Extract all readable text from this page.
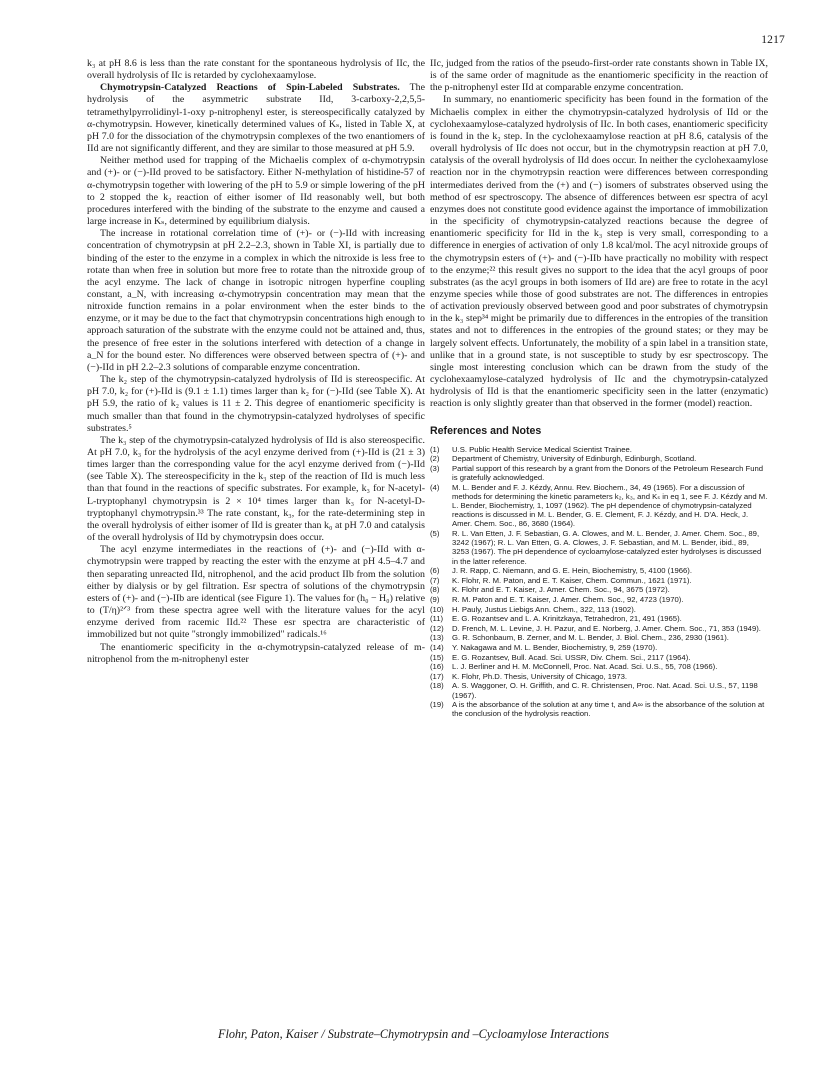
1217

k₃ at pH 8.6 is less than the rate constant for the spontaneous hydrolysis of IIc, the overall hydrolysis of IIc is retarded by cyclohexaamylose.

Chymotrypsin-Catalyzed Reactions of Spin-Labeled Substrates. The hydrolysis of the asymmetric substrate IId, 3-carboxy-2,2,5,5-tetramethylpyrrolidinyl-1-oxy p-nitrophenyl ester, is stereospecifically catalyzed by α-chymotrypsin. However, kinetically determined values of Kₛ, listed in Table X, at pH 7.0 for the dissociation of the chymotrypsin complexes of the two enantiomers of IId are not significantly different, and they are similar to those measured at pH 5.9.

Neither method used for trapping of the Michaelis complex of α-chymotrypsin and (+)- or (−)-IId proved to be satisfactory. Either N-methylation of histidine-57 of α-chymotrypsin together with lowering of the pH to 5.9 or simple lowering of the pH to 2 stopped the k₂ reaction of either isomer of IId reasonably well, but both procedures interfered with the binding of the substrate to the enzyme and caused a large increase in Kₛ, determined by equilibrium dialysis.

The increase in rotational correlation time of (+)- or (−)-IId with increasing concentration of chymotrypsin at pH 2.2–2.3, shown in Table XI, is partially due to binding of the ester to the enzyme in a complex in which the nitroxide is less free to rotate than when free in solution but more free to rotate than the nitroxide group of the acyl enzyme. The lack of change in isotropic nitrogen hyperfine coupling constant, a_N, with increasing α-chymotrypsin concentration may mean that the nitroxide function remains in a polar environment when the ester binds to the enzyme, or it may be due to the fact that chymotrypsin concentrations high enough to approach saturation of the substrate with the enzyme could not be attained and, thus, the presence of free ester in the solutions interfered with detection of a change in a_N for the bound ester. No differences were observed between spectra of (+)- and (−)-IId in pH 2.2–2.3 solutions of comparable enzyme concentration.

The k₂ step of the chymotrypsin-catalyzed hydrolysis of IId is stereospecific. At pH 7.0, k₂ for (+)-IId is (9.1 ± 1.1) times larger than k₂ for (−)-IId (see Table X). At pH 5.9, the ratio of k₂ values is 11 ± 2. This degree of enantiomeric specificity is much smaller than that found in the chymotrypsin-catalyzed hydrolyses of specific substrates.⁵

The k₃ step of the chymotrypsin-catalyzed hydrolysis of IId is also stereospecific. At pH 7.0, k₃ for the hydrolysis of the acyl enzyme derived from (+)-IId is (21 ± 3) times larger than the corresponding value for the acyl enzyme derived from (−)-IId (see Table X). The stereospecificity in the k₃ step of the reaction of IId is much less than that found in the reactions of specific substrates. For example, k₃ for N-acetyl-L-tryptophanyl chymotrypsin is 2 × 10⁴ times larger than k₃ for N-acetyl-D-tryptophanyl chymotrypsin.³³ The rate constant, k₃, for the rate-determining step in the overall hydrolysis of either isomer of IId is greater than k₀ at pH 7.0 and catalysis of the overall hydrolysis of IId by chymotrypsin does occur.

The acyl enzyme intermediates in the reactions of (+)- and (−)-IId with α-chymotrypsin were trapped by reacting the ester with the enzyme at pH 4.5–4.7 and then separating unreacted IId, nitrophenol, and the acid product IIb from the solution either by dialysis or by gel filtration. Esr spectra of solutions of the chymotrypsin esters of (+)- and (−)-IIb are identical (see Figure 1). The values for (h₀ − H₀) relative to (T/η)²ᐟ³ from these spectra agree well with the literature values for the acyl enzyme derived from racemic IId.²² These esr spectra are characteristic of immobilized but not quite "strongly immobilized" radicals.¹⁶

The enantiomeric specificity in the α-chymotrypsin-catalyzed release of m-nitrophenol from the m-nitrophenyl ester

IIc, judged from the ratios of the pseudo-first-order rate constants shown in Table IX, is of the same order of magnitude as the enantiomeric specificity in the reaction of the p-nitrophenyl ester IId at comparable enzyme concentration.

In summary, no enantiomeric specificity has been found in the formation of the Michaelis complex in either the chymotrypsin-catalyzed hydrolysis of IId or the cyclohexaamylose-catalyzed hydrolysis of IIc. In both cases, enantiomeric specificity is found in the k₂ step. In the cyclohexaamylose reaction at pH 8.6, catalysis of the overall hydrolysis of IIc does not occur, but in the chymotrypsin reaction at pH 7.0, catalysis of the overall hydrolysis of IId does occur. In neither the cyclohexaamylose reaction nor in the chymotrypsin reaction were differences between corresponding intermediates derived from the (+) and (−) isomers of substrates observed using the method of esr spectroscopy. The absence of differences between esr spectra of acyl enzymes does not constitute good evidence against the importance of immobilization in the specificity of chymotrypsin-catalyzed reactions because the degree of enantiomeric specificity for IId in the k₃ step is very small, corresponding to a difference in energies of activation of only 1.8 kcal/mol. The acyl nitroxide groups of the chymotrypsin esters of (+)- and (−)-IIb have practically no mobility with respect to the enzyme;²² this result gives no support to the idea that the acyl groups of poor substrates (as the acyl groups in both isomers of IId are) are free to rotate in the acyl enzyme species while those of good substrates are not. The differences in entropies of activation previously observed between good and poor substrates of chymotrypsin in the k₃ step³⁴ might be primarily due to differences in the entropies of the transition states and not to differences in the entropies of the ground states; or they may be largely solvent effects. Unfortunately, the mobility of a spin label in a transition state, unlike that in a ground state, is not susceptible to study by esr spectroscopy. The single most interesting conclusion which can be drawn from the study of the cyclohexaamylose-catalyzed hydrolysis of IIc and the chymotrypsin-catalyzed hydrolysis of IId is that the enantiomeric specificity seen in the latter (enzymatic) reaction is only slightly greater than that observed in the former (model) reaction.

References and Notes
(1)	U.S. Public Health Service Medical Scientist Trainee.
(2)	Department of Chemistry, University of Edinburgh, Edinburgh, Scotland.
(3)	Partial support of this research by a grant from the Donors of the Petroleum Research Fund is gratefully acknowledged.
(4)	M. L. Bender and F. J. Kézdy, Annu. Rev. Biochem., 34, 49 (1965). For a discussion of methods for determining the kinetic parameters k₂, k₃, and Kₛ in eq 1, see F. J. Kézdy and M. L. Bender, Biochemistry, 1, 1097 (1962). The pH dependence of chymotrypsin-catalyzed reactions is discussed in M. L. Bender, G. E. Clement, F. J. Kézdy, and H. D'A. Heck, J. Amer. Chem. Soc., 86, 3680 (1964).
(5)	R. L. Van Etten, J. F. Sebastian, G. A. Clowes, and M. L. Bender, J. Amer. Chem. Soc., 89, 3242 (1967); R. L. Van Etten, G. A. Clowes, J. F. Sebastian, and M. L. Bender, ibid., 89, 3253 (1967). The pH dependence of cycloamylose-catalyzed ester hydrolyses is discussed in the latter reference.
(6)	J. R. Rapp, C. Niemann, and G. E. Hein, Biochemistry, 5, 4100 (1966).
(7)	K. Flohr, R. M. Paton, and E. T. Kaiser, Chem. Commun., 1621 (1971).
(8)	K. Flohr and E. T. Kaiser, J. Amer. Chem. Soc., 94, 3675 (1972).
(9)	R. M. Paton and E. T. Kaiser, J. Amer. Chem. Soc., 92, 4723 (1970).
(10)	H. Pauly, Justus Liebigs Ann. Chem., 322, 113 (1902).
(11)	E. G. Rozantsev and L. A. Krinitzkaya, Tetrahedron, 21, 491 (1965).
(12)	D. French, M. L. Levine, J. H. Pazur, and E. Norberg, J. Amer. Chem. Soc., 71, 353 (1949).
(13)	G. R. Schonbaum, B. Zerner, and M. L. Bender, J. Biol. Chem., 236, 2930 (1961).
(14)	Y. Nakagawa and M. L. Bender, Biochemistry, 9, 259 (1970).
(15)	E. G. Rozantsev, Bull. Acad. Sci. USSR, Div. Chem. Sci., 2117 (1964).
(16)	L. J. Berliner and H. M. McConnell, Proc. Nat. Acad. Sci. U.S., 55, 708 (1966).
(17)	K. Flohr, Ph.D. Thesis, University of Chicago, 1973.
(18)	A. S. Waggoner, O. H. Griffith, and C. R. Christensen, Proc. Nat. Acad. Sci. U.S., 57, 1198 (1967).
(19)	A is the absorbance of the solution at any time t, and A∞ is the absorbance of the solution at the conclusion of the hydrolysis reaction.
Flohr, Paton, Kaiser / Substrate–Chymotrypsin and –Cycloamylose Interactions
